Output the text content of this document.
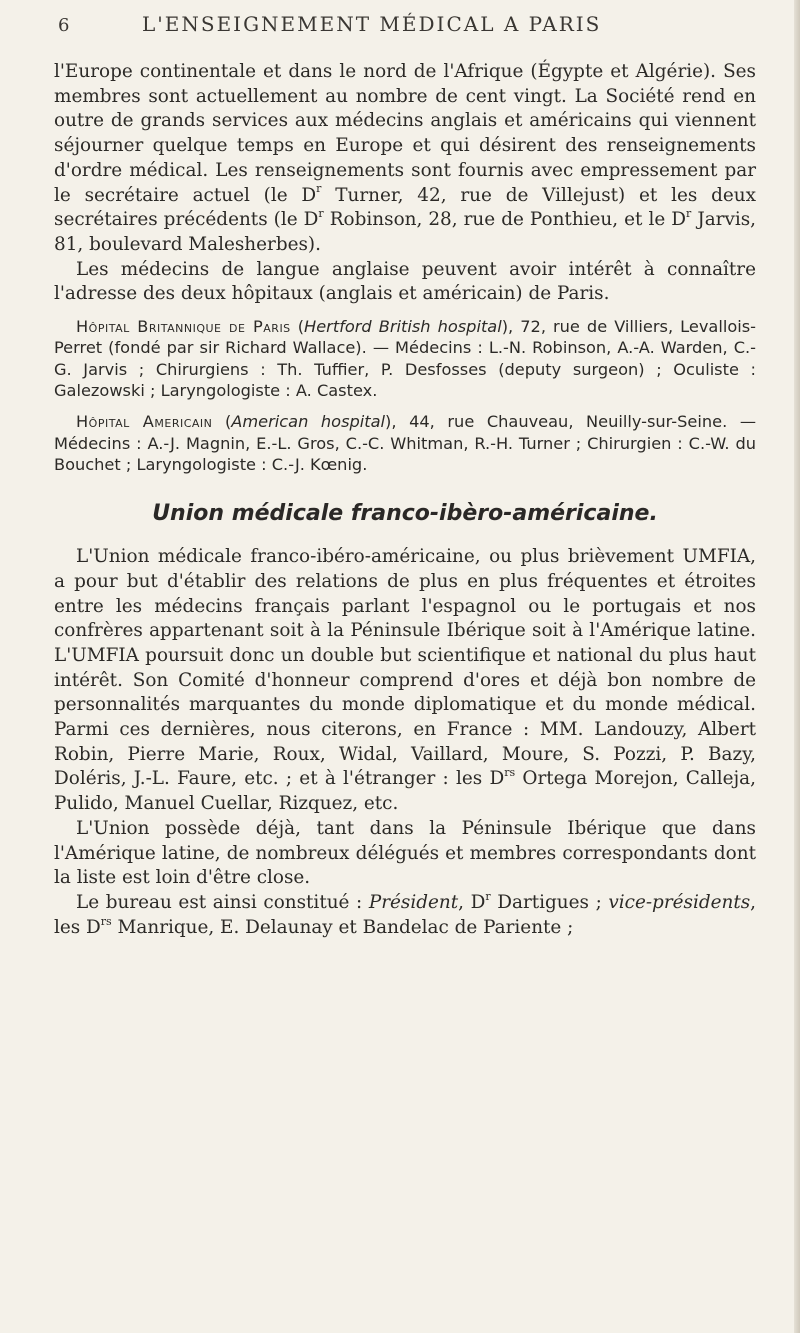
6	L'ENSEIGNEMENT MÉDICAL A PARIS

l'Europe continentale et dans le nord de l'Afrique (Égypte et Algérie). Ses membres sont actuellement au nombre de cent vingt. La Société rend en outre de grands services aux médecins anglais et américains qui viennent séjourner quelque temps en Europe et qui désirent des renseignements d'ordre médical. Les renseignements sont fournis avec empressement par le secrétaire actuel (le $D^r$ Turner, 42, rue de Villejust) et les deux secrétaires précédents (le $D^r$ Robinson, 28, rue de Ponthieu, et le $D^r$ Jarvis, 81, boulevard Malesherbes).

Les médecins de langue anglaise peuvent avoir intérêt à connaître l'adresse des deux hôpitaux (anglais et américain) de Paris.

Hôpital Britannique de Paris (Hertford British hospital), 72, rue de Villiers, Levallois-Perret (fondé par sir Richard Wallace). — Médecins : L.-N. Robinson, A.-A. Warden, C.-G. Jarvis ; Chirurgiens : Th. Tuffier, P. Desfosses (deputy surgeon) ; Oculiste : Galezowski ; Laryngologiste : A. Castex.

Hôpital Americain (American hospital), 44, rue Chauveau, Neuilly-sur-Seine. — Médecins : A.-J. Magnin, E.-L. Gros, C.-C. Whitman, R.-H. Turner ; Chirurgien : C.-W. du Bouchet ; Laryngologiste : C.-J. Kœnig.

Union médicale franco-ibèro-américaine.

L'Union médicale franco-ibéro-américaine, ou plus brièvement UMFIA, a pour but d'établir des relations de plus en plus fréquentes et étroites entre les médecins français parlant l'espagnol ou le portugais et nos confrères appartenant soit à la Péninsule Ibérique soit à l'Amérique latine. L'UMFIA poursuit donc un double but scientifique et national du plus haut intérêt. Son Comité d'honneur comprend d'ores et déjà bon nombre de personnalités marquantes du monde diplomatique et du monde médical. Parmi ces dernières, nous citerons, en France : MM. Landouzy, Albert Robin, Pierre Marie, Roux, Widal, Vaillard, Moure, S. Pozzi, P. Bazy, Doléris, J.-L. Faure, etc. ; et à l'étranger : les $D^{rs}$ Ortega Morejon, Calleja, Pulido, Manuel Cuellar, Rizquez, etc.

L'Union possède déjà, tant dans la Péninsule Ibérique que dans l'Amérique latine, de nombreux délégués et membres correspondants dont la liste est loin d'être close.

Le bureau est ainsi constitué : Président, $D^r$ Dartigues ; vice-présidents, les $D^{rs}$ Manrique, E. Delaunay et Bandelac de Pariente ;
